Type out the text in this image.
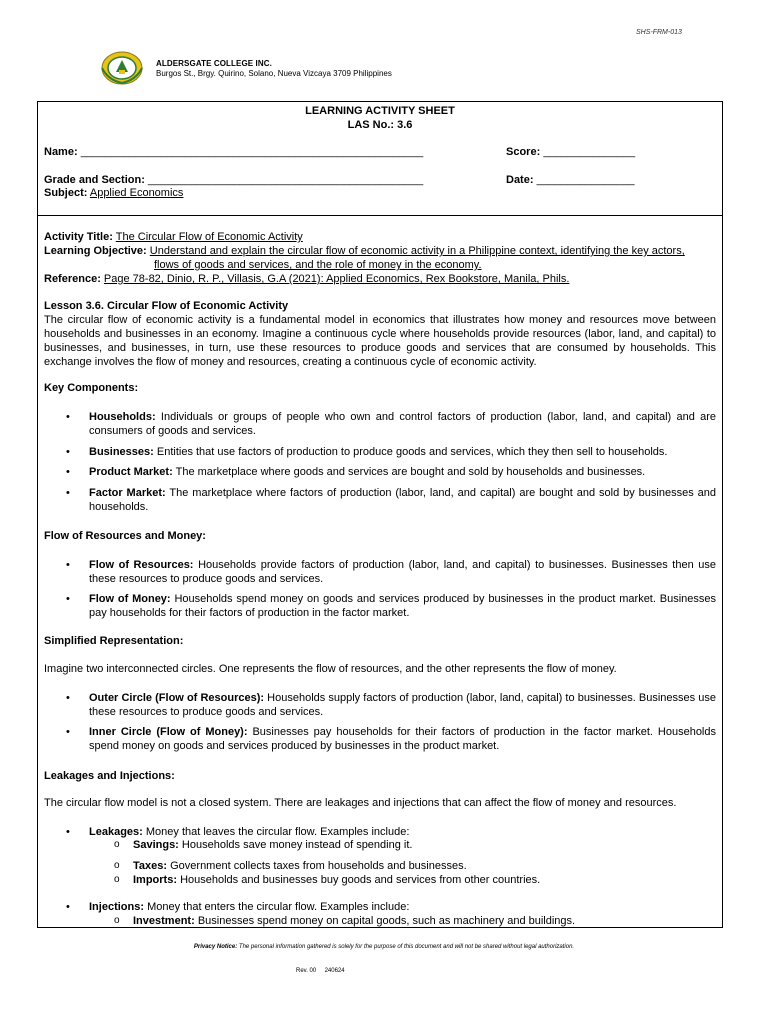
SHS-FRM-013
ALDERSGATE COLLEGE INC.
Burgos St., Brgy. Quirino, Solano, Nueva Vizcaya 3709 Philippines
LEARNING ACTIVITY SHEET
LAS No.: 3.6
Name: ________________________________________________________	Score: _______________
Grade and Section: _____________________________________________	Date: ________________
Subject: Applied Economics
Activity Title: The Circular Flow of Economic Activity
Learning Objective: Understand and explain the circular flow of economic activity in a Philippine context, identifying the key actors,
flows of goods and services, and the role of money in the economy.
Reference: Page 78-82, Dinio, R. P., Villasis, G.A (2021): Applied Economics, Rex Bookstore, Manila, Phils.
Lesson 3.6. Circular Flow of Economic Activity
The circular flow of economic activity is a fundamental model in economics that illustrates how money and resources move between households and businesses in an economy. Imagine a continuous cycle where households provide resources (labor, land, and capital) to businesses, and businesses, in turn, use these resources to produce goods and services that are consumed by households. This exchange involves the flow of money and resources, creating a continuous cycle of economic activity.
Key Components:
• Households: Individuals or groups of people who own and control factors of production (labor, land, and capital) and are consumers of goods and services.
• Businesses: Entities that use factors of production to produce goods and services, which they then sell to households.
• Product Market: The marketplace where goods and services are bought and sold by households and businesses.
• Factor Market: The marketplace where factors of production (labor, land, and capital) are bought and sold by businesses and households.
Flow of Resources and Money:
• Flow of Resources: Households provide factors of production (labor, land, and capital) to businesses. Businesses then use these resources to produce goods and services.
• Flow of Money: Households spend money on goods and services produced by businesses in the product market. Businesses pay households for their factors of production in the factor market.
Simplified Representation:
Imagine two interconnected circles. One represents the flow of resources, and the other represents the flow of money.
• Outer Circle (Flow of Resources): Households supply factors of production (labor, land, capital) to businesses. Businesses use these resources to produce goods and services.
• Inner Circle (Flow of Money): Businesses pay households for their factors of production in the factor market. Households spend money on goods and services produced by businesses in the product market.
Leakages and Injections:
The circular flow model is not a closed system. There are leakages and injections that can affect the flow of money and resources.
• Leakages: Money that leaves the circular flow. Examples include:
o Savings: Households save money instead of spending it.
o Taxes: Government collects taxes from households and businesses.
o Imports: Households and businesses buy goods and services from other countries.
• Injections: Money that enters the circular flow. Examples include:
o Investment: Businesses spend money on capital goods, such as machinery and buildings.
Privacy Notice: The personal information gathered is solely for the purpose of this document and will not be shared without legal authorization.
Rev. 00 240624
